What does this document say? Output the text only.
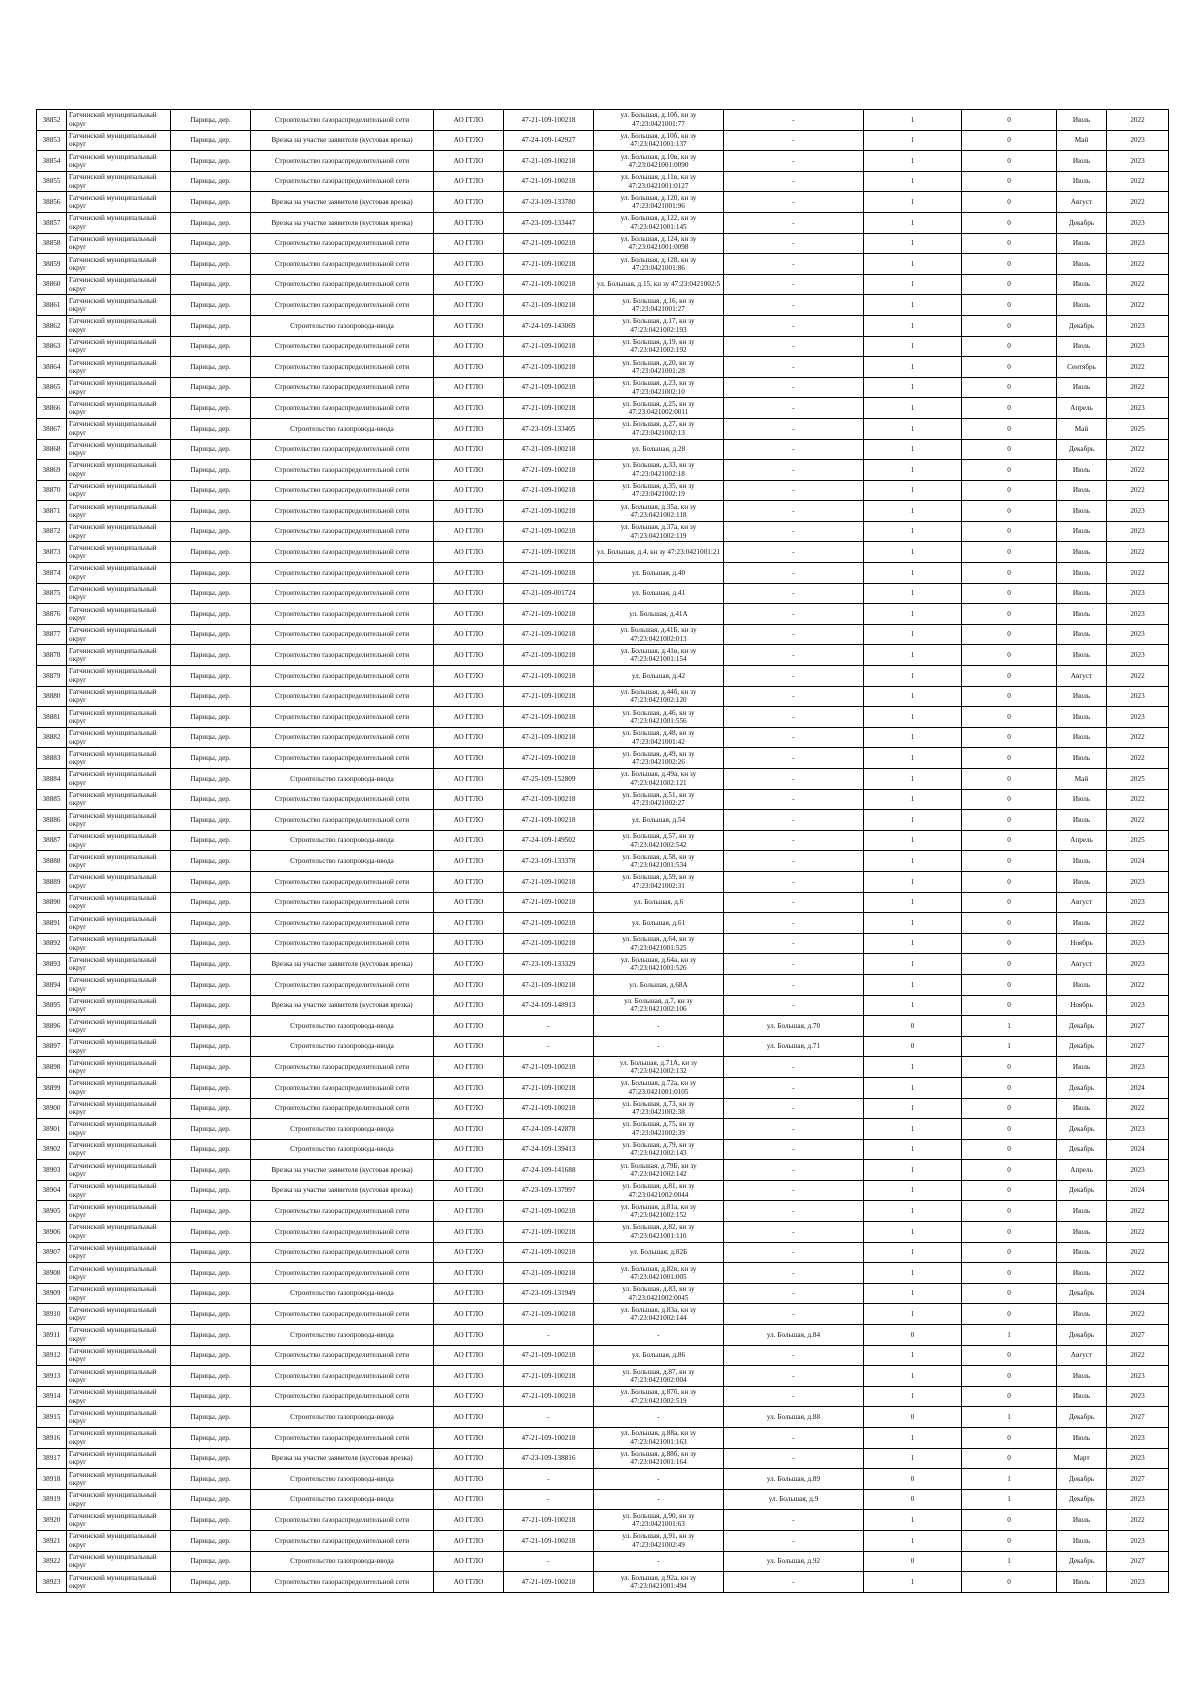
38852	Гатчинский муниципальный округ	Парицы, дер.	Строительство газораспределительной сети	АО ГГЛО	47-21-109-100218	ул. Большая, д.10б, кн зу 47:23:0421001:77	-	1	0	Июль	2022
38853	Гатчинский муниципальный округ	Парицы, дер.	Врезка на участке заявителя (кустовая врезка)	АО ГГЛО	47-24-109-142927	ул. Большая, д.10б, кн зу 47:23:0421001:137	-	1	0	Май	2023
38854	Гатчинский муниципальный округ	Парицы, дер.	Строительство газораспределительной сети	АО ГГЛО	47-21-109-100218	ул. Большая, д.10в, кн зу 47:23:0421001:0090	-	1	0	Июль	2023
38855	Гатчинский муниципальный округ	Парицы, дер.	Строительство газораспределительной сети	АО ГГЛО	47-21-109-100218	ул. Большая, д.11в, кн зу 47:23:0421001:0127	-	1	0	Июль	2022
38856	Гатчинский муниципальный округ	Парицы, дер.	Врезка на участке заявителя (кустовая врезка)	АО ГГЛО	47-23-109-133780	ул. Большая, д.120, кн зу 47:23:0421001:96	-	1	0	Август	2022
38857	Гатчинский муниципальный округ	Парицы, дер.	Врезка на участке заявителя (кустовая врезка)	АО ГГЛО	47-23-109-133447	ул. Большая, д.122, кн зу 47:23:0421001:145	-	1	0	Декабрь	2023
38858	Гатчинский муниципальный округ	Парицы, дер.	Строительство газораспределительной сети	АО ГГЛО	47-21-109-100218	ул. Большая, д.124, кн зу 47:23:0421001:0098	-	1	0	Июль	2023
38859	Гатчинский муниципальный округ	Парицы, дер.	Строительство газораспределительной сети	АО ГГЛО	47-21-109-100218	ул. Большая, д.128, кн зу 47:23:0421001:86	-	1	0	Июль	2022
38860	Гатчинский муниципальный округ	Парицы, дер.	Строительство газораспределительной сети	АО ГГЛО	47-21-109-100218	ул. Большая, д.15, кн зу 47:23:0421002:5	-	1	0	Июль	2022
38861	Гатчинский муниципальный округ	Парицы, дер.	Строительство газораспределительной сети	АО ГГЛО	47-21-109-100218	ул. Большая, д.16, кн зу 47:23:0421001:27	-	1	0	Июль	2022
38862	Гатчинский муниципальный округ	Парицы, дер.	Строительство газопровода-ввода	АО ГГЛО	47-24-109-143069	ул. Большая, д.17, кн зу 47:23:0421002:193	-	1	0	Декабрь	2023
38863	Гатчинский муниципальный округ	Парицы, дер.	Строительство газораспределительной сети	АО ГГЛО	47-21-109-100218	ул. Большая, д.19, кн зу 47:23:0421002:192	-	1	0	Июль	2023
38864	Гатчинский муниципальный округ	Парицы, дер.	Строительство газораспределительной сети	АО ГГЛО	47-21-109-100218	ул. Большая, д.20, кн зу 47:23:0421001:28	-	1	0	Сентябрь	2022
38865	Гатчинский муниципальный округ	Парицы, дер.	Строительство газораспределительной сети	АО ГГЛО	47-21-109-100218	ул. Большая, д.23, кн зу 47:23:0421002:10	-	1	0	Июль	2022
38866	Гатчинский муниципальный округ	Парицы, дер.	Строительство газораспределительной сети	АО ГГЛО	47-21-109-100218	ул. Большая, д.25, кн зу 47:23:0421002:0011	-	1	0	Апрель	2023
38867	Гатчинский муниципальный округ	Парицы, дер.	Строительство газопровода-ввода	АО ГГЛО	47-23-109-133405	ул. Большая, д.27, кн зу 47:23:0421002:13	-	1	0	Май	2025
38868	Гатчинский муниципальный округ	Парицы, дер.	Строительство газораспределительной сети	АО ГГЛО	47-21-109-100218	ул. Большая, д.28	-	1	0	Декабрь	2022
38869	Гатчинский муниципальный округ	Парицы, дер.	Строительство газораспределительной сети	АО ГГЛО	47-21-109-100218	ул. Большая, д.33, кн зу 47:23:0421002:18	-	1	0	Июль	2022
38870	Гатчинский муниципальный округ	Парицы, дер.	Строительство газораспределительной сети	АО ГГЛО	47-21-109-100218	ул. Большая, д.35, кн зу 47:23:0421002:19	-	1	0	Июль	2022
38871	Гатчинский муниципальный округ	Парицы, дер.	Строительство газораспределительной сети	АО ГГЛО	47-21-109-100218	ул. Большая, д.35а, кн зу 47:23:0421002:118	-	1	0	Июль	2023
38872	Гатчинский муниципальный округ	Парицы, дер.	Строительство газораспределительной сети	АО ГГЛО	47-21-109-100218	ул. Большая, д.37а, кн зу 47:23:0421002:119	-	1	0	Июль	2023
38873	Гатчинский муниципальный округ	Парицы, дер.	Строительство газораспределительной сети	АО ГГЛО	47-21-109-100218	ул. Большая, д.4, кн зу 47:23:0421001:21	-	1	0	Июль	2022
38874	Гатчинский муниципальный округ	Парицы, дер.	Строительство газораспределительной сети	АО ГГЛО	47-21-109-100218	ул. Большая, д.40	-	1	0	Июль	2022
38875	Гатчинский муниципальный округ	Парицы, дер.	Строительство газораспределительной сети	АО ГГЛО	47-21-109-001724	ул. Большая, д.41	-	1	0	Июль	2023
38876	Гатчинский муниципальный округ	Парицы, дер.	Строительство газораспределительной сети	АО ГГЛО	47-21-109-100218	ул. Большая, д.41А	-	1	0	Июль	2023
38877	Гатчинский муниципальный округ	Парицы, дер.	Строительство газораспределительной сети	АО ГГЛО	47-21-109-100218	ул. Большая, д.41Б, кн зу 47:23:0421002:013	-	1	0	Июль	2023
38878	Гатчинский муниципальный округ	Парицы, дер.	Строительство газораспределительной сети	АО ГГЛО	47-21-109-100218	ул. Большая, д.41в, кн зу 47:23:0421001:154	-	1	0	Июль	2023
38879	Гатчинский муниципальный округ	Парицы, дер.	Строительство газораспределительной сети	АО ГГЛО	47-21-109-100218	ул. Большая, д.42	-	1	0	Август	2022
38880	Гатчинский муниципальный округ	Парицы, дер.	Строительство газораспределительной сети	АО ГГЛО	47-21-109-100218	ул. Большая, д.44б, кн зу 47:23:0421002:120	-	1	0	Июль	2023
38881	Гатчинский муниципальный округ	Парицы, дер.	Строительство газораспределительной сети	АО ГГЛО	47-21-109-100218	ул. Большая, д.46, кн зу 47:23:0421001:556	-	1	0	Июль	2023
38882	Гатчинский муниципальный округ	Парицы, дер.	Строительство газораспределительной сети	АО ГГЛО	47-21-109-100218	ул. Большая, д.48, кн зу 47:23:0421001:42	-	1	0	Июль	2022
38883	Гатчинский муниципальный округ	Парицы, дер.	Строительство газораспределительной сети	АО ГГЛО	47-21-109-100218	ул. Большая, д.49, кн зу 47:23:0421002:26	-	1	0	Июль	2022
38884	Гатчинский муниципальный округ	Парицы, дер.	Строительство газопровода-ввода	АО ГГЛО	47-25-109-152809	ул. Большая, д.49а, кн зу 47:23:0421002:121	-	1	0	Май	2025
38885	Гатчинский муниципальный округ	Парицы, дер.	Строительство газораспределительной сети	АО ГГЛО	47-21-109-100218	ул. Большая, д.51, кн зу 47:23:0421002:27	-	1	0	Июль	2022
38886	Гатчинский муниципальный округ	Парицы, дер.	Строительство газораспределительной сети	АО ГГЛО	47-21-109-100218	ул. Большая, д.54	-	1	0	Июль	2022
38887	Гатчинский муниципальный округ	Парицы, дер.	Строительство газопровода-ввода	АО ГГЛО	47-24-109-149502	ул. Большая, д.57, кн зу 47:23:0421002:542	-	1	0	Апрель	2025
38888	Гатчинский муниципальный округ	Парицы, дер.	Строительство газопровода-ввода	АО ГГЛО	47-23-109-133378	ул. Большая, д.58, кн зу 47:23:0421001:534	-	1	0	Июль	2024
38889	Гатчинский муниципальный округ	Парицы, дер.	Строительство газораспределительной сети	АО ГГЛО	47-21-109-100218	ул. Большая, д.59, кн зу 47:23:0421002:31	-	1	0	Июль	2023
38890	Гатчинский муниципальный округ	Парицы, дер.	Строительство газораспределительной сети	АО ГГЛО	47-21-109-100218	ул. Большая, д.6	-	1	0	Август	2023
38891	Гатчинский муниципальный округ	Парицы, дер.	Строительство газораспределительной сети	АО ГГЛО	47-21-109-100218	ул. Большая, д.61	-	1	0	Июль	2022
38892	Гатчинский муниципальный округ	Парицы, дер.	Строительство газораспределительной сети	АО ГГЛО	47-21-109-100218	ул. Большая, д.64, кн зу 47:23:0421001:525	-	1	0	Ноябрь	2023
38893	Гатчинский муниципальный округ	Парицы, дер.	Врезка на участке заявителя (кустовая врезка)	АО ГГЛО	47-23-109-133329	ул. Большая, д.64а, кн зу 47:23:0421001:526	-	1	0	Август	2023
38894	Гатчинский муниципальный округ	Парицы, дер.	Строительство газораспределительной сети	АО ГГЛО	47-21-109-100218	ул. Большая, д.68А	-	1	0	Июль	2022
38895	Гатчинский муниципальный округ	Парицы, дер.	Врезка на участке заявителя (кустовая врезка)	АО ГГЛО	47-24-109-148913	ул. Большая, д.7, кн зу 47:23:0421002:106	-	1	0	Ноябрь	2023
38896	Гатчинский муниципальный округ	Парицы, дер.	Строительство газопровода-ввода	АО ГГЛО	-	-	ул. Большая, д.70	0	1	Декабрь	2027
38897	Гатчинский муниципальный округ	Парицы, дер.	Строительство газопровода-ввода	АО ГГЛО	-	-	ул. Большая, д.71	0	1	Декабрь	2027
38898	Гатчинский муниципальный округ	Парицы, дер.	Строительство газораспределительной сети	АО ГГЛО	47-21-109-100218	ул. Большая, д.71А, кн зу 47:23:0421002:132	-	1	0	Июль	2023
38899	Гатчинский муниципальный округ	Парицы, дер.	Строительство газораспределительной сети	АО ГГЛО	47-21-109-100218	ул. Большая, д.72а, кн зу 47:23:0421001:0105	-	1	0	Декабрь	2024
38900	Гатчинский муниципальный округ	Парицы, дер.	Строительство газораспределительной сети	АО ГГЛО	47-21-109-100218	ул. Большая, д.73, кн зу 47:23:0421002:38	-	1	0	Июль	2022
38901	Гатчинский муниципальный округ	Парицы, дер.	Строительство газопровода-ввода	АО ГГЛО	47-24-109-142878	ул. Большая, д.75, кн зу 47:23:0421002:39	-	1	0	Декабрь	2023
38902	Гатчинский муниципальный округ	Парицы, дер.	Строительство газопровода-ввода	АО ГГЛО	47-24-109-139413	ул. Большая, д.79, кн зу 47:23:0421002:143	-	1	0	Декабрь	2024
38903	Гатчинский муниципальный округ	Парицы, дер.	Врезка на участке заявителя (кустовая врезка)	АО ГГЛО	47-24-109-141688	ул. Большая, д.79Б, кн зу 47:23:0421002:142	-	1	0	Апрель	2023
38904	Гатчинский муниципальный округ	Парицы, дер.	Врезка на участке заявителя (кустовая врезка)	АО ГГЛО	47-23-109-137997	ул. Большая, д.81, кн зу 47:23:0421002:0044	-	1	0	Декабрь	2024
38905	Гатчинский муниципальный округ	Парицы, дер.	Строительство газораспределительной сети	АО ГГЛО	47-21-109-100218	ул. Большая, д.81а, кн зу 47:23:0421002:152	-	1	0	Июль	2022
38906	Гатчинский муниципальный округ	Парицы, дер.	Строительство газораспределительной сети	АО ГГЛО	47-21-109-100218	ул. Большая, д.82, кн зу 47:23:0421001:110	-	1	0	Июль	2022
38907	Гатчинский муниципальный округ	Парицы, дер.	Строительство газораспределительной сети	АО ГГЛО	47-21-109-100218	ул. Большая, д.82Б	-	1	0	Июль	2022
38908	Гатчинский муниципальный округ	Парицы, дер.	Строительство газораспределительной сети	АО ГГЛО	47-21-109-100218	ул. Большая, д.82в, кн зу 47:23:0421001:005	-	1	0	Июль	2022
38909	Гатчинский муниципальный округ	Парицы, дер.	Строительство газопровода-ввода	АО ГГЛО	47-23-109-131949	ул. Большая, д.83, кн зу 47:23:0421002:0045	-	1	0	Декабрь	2024
38910	Гатчинский муниципальный округ	Парицы, дер.	Строительство газораспределительной сети	АО ГГЛО	47-21-109-100218	ул. Большая, д.83а, кн зу 47:23:0421002:144	-	1	0	Июль	2022
38911	Гатчинский муниципальный округ	Парицы, дер.	Строительство газопровода-ввода	АО ГГЛО	-	-	ул. Большая, д.84	0	1	Декабрь	2027
38912	Гатчинский муниципальный округ	Парицы, дер.	Строительство газораспределительной сети	АО ГГЛО	47-21-109-100218	ул. Большая, д.86	-	1	0	Август	2022
38913	Гатчинский муниципальный округ	Парицы, дер.	Строительство газораспределительной сети	АО ГГЛО	47-21-109-100218	ул. Большая, д.87, кн зу 47:23:0421002:004	-	1	0	Июль	2023
38914	Гатчинский муниципальный округ	Парицы, дер.	Строительство газораспределительной сети	АО ГГЛО	47-21-109-100218	ул. Большая, д.87б, кн зу 47:23:0421002:519	-	1	0	Июль	2023
38915	Гатчинский муниципальный округ	Парицы, дер.	Строительство газопровода-ввода	АО ГГЛО	-	-	ул. Большая, д.88	0	1	Декабрь	2027
38916	Гатчинский муниципальный округ	Парицы, дер.	Строительство газораспределительной сети	АО ГГЛО	47-21-109-100218	ул. Большая, д.88а, кн зу 47:23:0421001:163	-	1	0	Июль	2023
38917	Гатчинский муниципальный округ	Парицы, дер.	Врезка на участке заявителя (кустовая врезка)	АО ГГЛО	47-23-109-138816	ул. Большая, д.88б, кн зу 47:23:0421001:164	-	1	0	Март	2023
38918	Гатчинский муниципальный округ	Парицы, дер.	Строительство газопровода-ввода	АО ГГЛО	-	-	ул. Большая, д.89	0	1	Декабрь	2027
38919	Гатчинский муниципальный округ	Парицы, дер.	Строительство газопровода-ввода	АО ГГЛО	-	-	ул. Большая, д.9	0	1	Декабрь	2023
38920	Гатчинский муниципальный округ	Парицы, дер.	Строительство газораспределительной сети	АО ГГЛО	47-21-109-100218	ул. Большая, д.90, кн зу 47:23:0421001:63	-	1	0	Июль	2022
38921	Гатчинский муниципальный округ	Парицы, дер.	Строительство газораспределительной сети	АО ГГЛО	47-21-109-100218	ул. Большая, д.91, кн зу 47:23:0421002:49	-	1	0	Июль	2023
38922	Гатчинский муниципальный округ	Парицы, дер.	Строительство газопровода-ввода	АО ГГЛО	-	-	ул. Большая, д.92	0	1	Декабрь	2027
38923	Гатчинский муниципальный округ	Парицы, дер.	Строительство газораспределительной сети	АО ГГЛО	47-21-109-100218	ул. Большая, д.92а, кн зу 47:23:0421001:494	-	1	0	Июль	2023
